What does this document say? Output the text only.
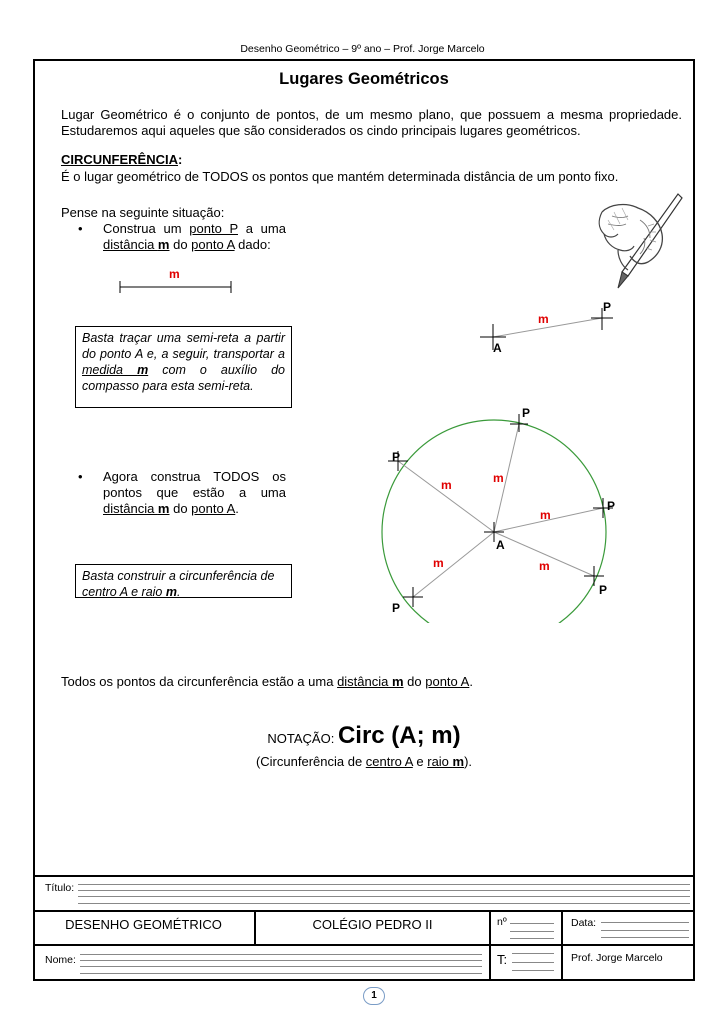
Desenho Geométrico – 9º ano – Prof. Jorge Marcelo
Lugares Geométricos
Lugar Geométrico é o conjunto de pontos, de um mesmo plano, que possuem a mesma propriedade. Estudaremos aqui aqueles que são considerados os cindo principais lugares geométricos.
CIRCUNFERÊNCIA:
É o lugar geométrico de TODOS os pontos que mantém determinada distância de um ponto fixo.
Pense na seguinte situação:
• Construa um ponto P a uma distância m do ponto A dado:
m
Basta traçar uma semi-reta a partir do ponto A e, a seguir, transportar a medida m com o auxílio do compasso para esta semi-reta.
• Agora construa TODOS os pontos que estão a uma distância m do ponto A.
Basta construir a circunferência de centro A e raio m.
A
P
m
A
P
P
P
P
P
m
m
m
m
m
Todos os pontos da circunferência estão a uma distância m do ponto A.
NOTAÇÃO: Circ (A; m)
(Circunferência de centro A e raio m).
Título:
DESENHO GEOMÉTRICO	COLÉGIO PEDRO II	nº	Data:
Nome:	T:	Prof. Jorge Marcelo
1
